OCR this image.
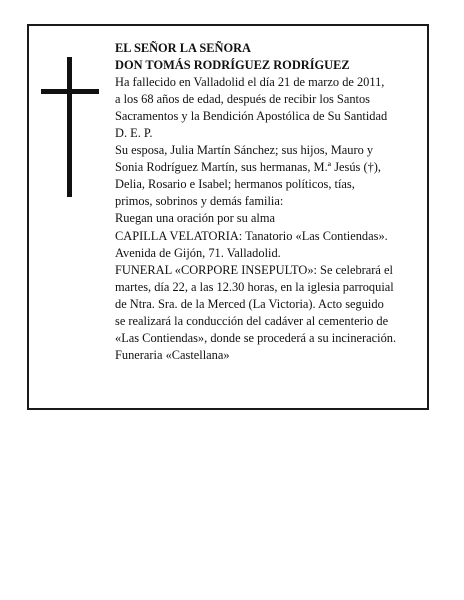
EL SEÑOR LA SEÑORA
DON TOMÁS RODRÍGUEZ RODRÍGUEZ
Ha fallecido en Valladolid el día 21 de marzo de 2011,
a los 68 años de edad, después de recibir los Santos
Sacramentos y la Bendición Apostólica de Su Santidad
D. E. P.
Su esposa, Julia Martín Sánchez; sus hijos, Mauro y
Sonia Rodríguez Martín, sus hermanas, M.ª Jesús (†),
Delia, Rosario e Isabel; hermanos políticos, tías,
primos, sobrinos y demás familia:
Ruegan una oración por su alma
CAPILLA VELATORIA: Tanatorio «Las Contiendas».
Avenida de Gijón, 71. Valladolid.
FUNERAL «CORPORE INSEPULTO»: Se celebrará el
martes, día 22, a las 12.30 horas, en la iglesia parroquial
de Ntra. Sra. de la Merced (La Victoria). Acto seguido
se realizará la conducción del cadáver al cementerio de
«Las Contiendas», donde se procederá a su incineración.
Funeraria «Castellana»
